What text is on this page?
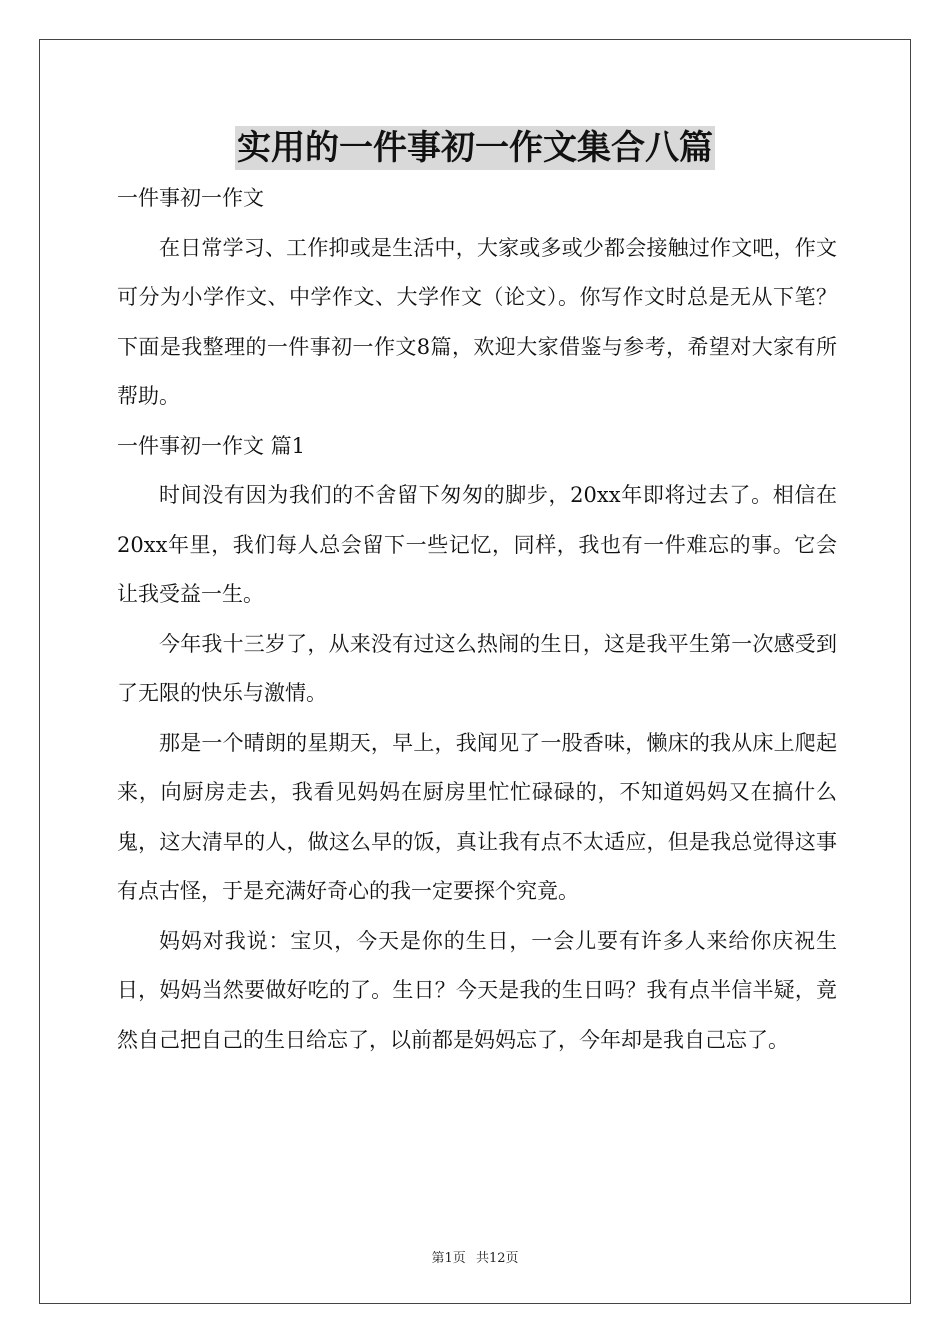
实用的一件事初一作文集合八篇

一件事初一作文

在日常学习、工作抑或是生活中，大家或多或少都会接触过作文吧，作文可分为小学作文、中学作文、大学作文（论文）。你写作文时总是无从下笔？下面是我整理的一件事初一作文8篇，欢迎大家借鉴与参考，希望对大家有所帮助。

一件事初一作文 篇1

时间没有因为我们的不舍留下匆匆的脚步，20xx年即将过去了。相信在20xx年里，我们每人总会留下一些记忆，同样，我也有一件难忘的事。它会让我受益一生。

今年我十三岁了，从来没有过这么热闹的生日，这是我平生第一次感受到了无限的快乐与激情。

那是一个晴朗的星期天，早上，我闻见了一股香味，懒床的我从床上爬起来，向厨房走去，我看见妈妈在厨房里忙忙碌碌的，不知道妈妈又在搞什么鬼，这大清早的人，做这么早的饭，真让我有点不太适应，但是我总觉得这事有点古怪，于是充满好奇心的我一定要探个究竟。

妈妈对我说：宝贝，今天是你的生日，一会儿要有许多人来给你庆祝生日，妈妈当然要做好吃的了。生日？今天是我的生日吗？我有点半信半疑，竟然自己把自己的生日给忘了，以前都是妈妈忘了，今年却是我自己忘了。

第1页 共12页
